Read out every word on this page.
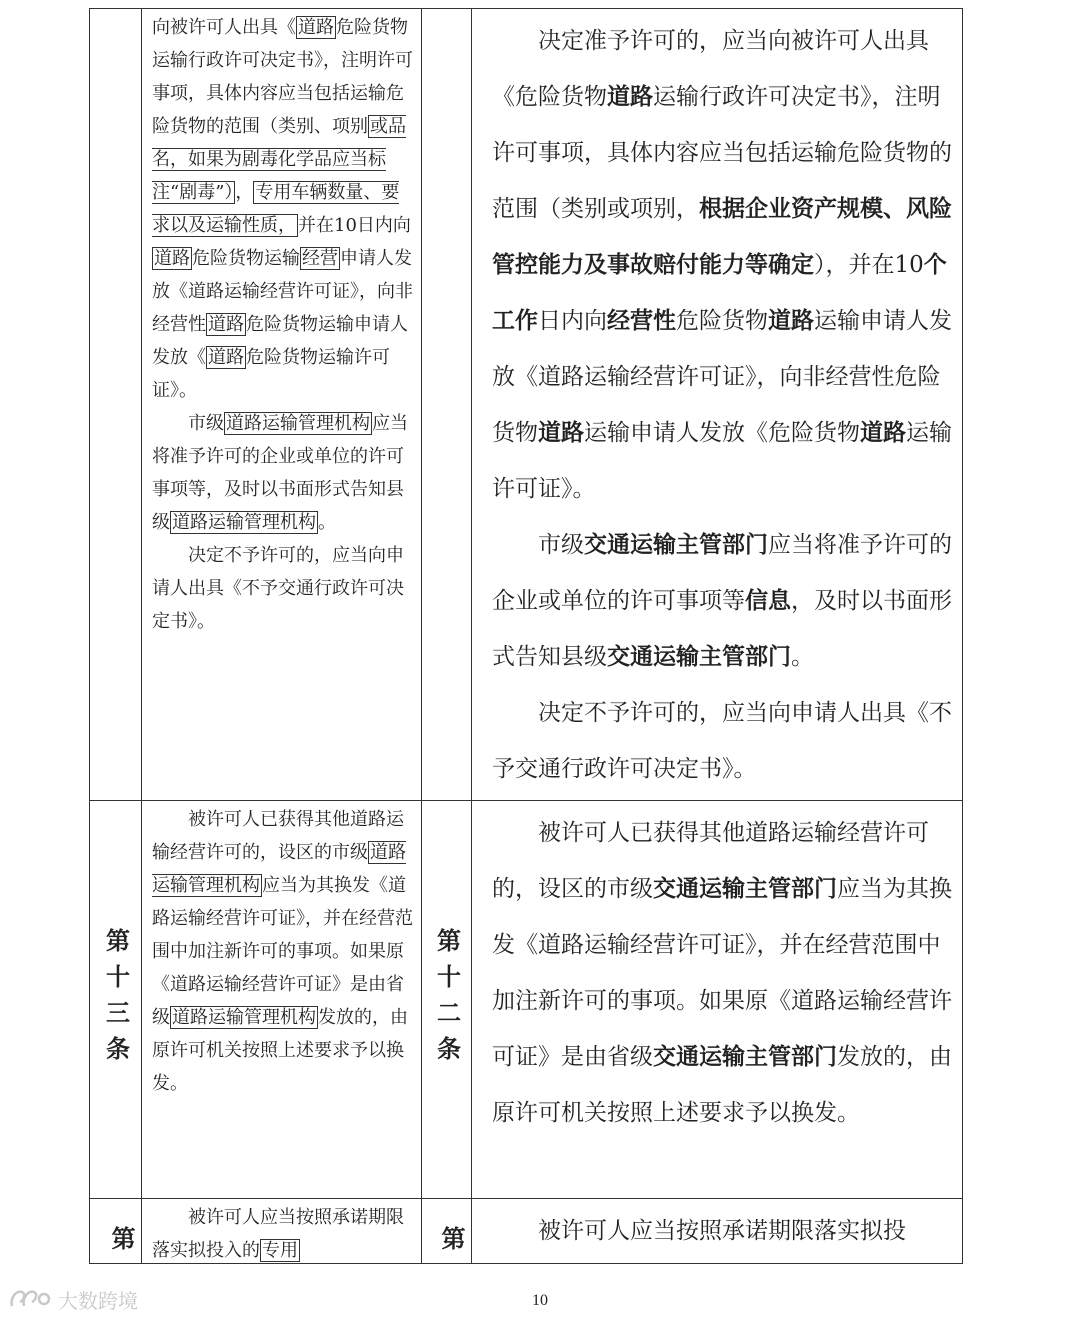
向被许可人出具《 道路 危险货物运输行政许可决定书》，注明许可事项，具体内容应当包括运输危险货物的范围（类别、项别 或品名，如果为剧毒化学品应当标注“剧毒”） ， 专用车辆数量、要求以及运输性质， 并在10日内向道路 危险货物运输 经营 申请人发放《道路运输经营许可证》，向非经营性 道路 危险货物运输申请人发放《 道路 危险货物运输许可证》。

市级 道路运输管理机构 应当将准予许可的企业或单位的许可事项等，及时以书面形式告知县级 道路运输管理机构 。

决定不予许可的，应当向申请人出具《不予交通行政许可决定书》。

决定准予许可的，应当向被许可人出具《危险货物道路运输行政许可决定书》，注明许可事项，具体内容应当包括运输危险货物的范围（类别或项别，根据企业资产规模、风险管控能力及事故赔付能力等确定），并在10个工作日内向经营性危险货物道路运输申请人发放《道路运输经营许可证》，向非经营性危险货物道路运输申请人发放《危险货物道路运输许可证》。

市级交通运输主管部门应当将准予许可的企业或单位的许可事项等信息，及时以书面形式告知县级交通运输主管部门。

决定不予许可的，应当向申请人出具《不予交通行政许可决定书》。

第十三条

被许可人已获得其他道路运输经营许可的，设区的市级 道路运输管理机构 应当为其换发《道路运输经营许可证》，并在经营范围中加注新许可的事项。如果原《道路运输经营许可证》是由省级 道路运输管理机构 发放的，由原许可机关按照上述要求予以换发。

第十二条

被许可人已获得其他道路运输经营许可的，设区的市级交通运输主管部门应当为其换发《道路运输经营许可证》，并在经营范围中加注新许可的事项。如果原《道路运输经营许可证》是由省级交通运输主管部门发放的，由原许可机关按照上述要求予以换发。

第

被许可人应当按照承诺期限落实拟投入的 专用

第	被许可人应当按照承诺期限落实拟投

大数跨境	10
